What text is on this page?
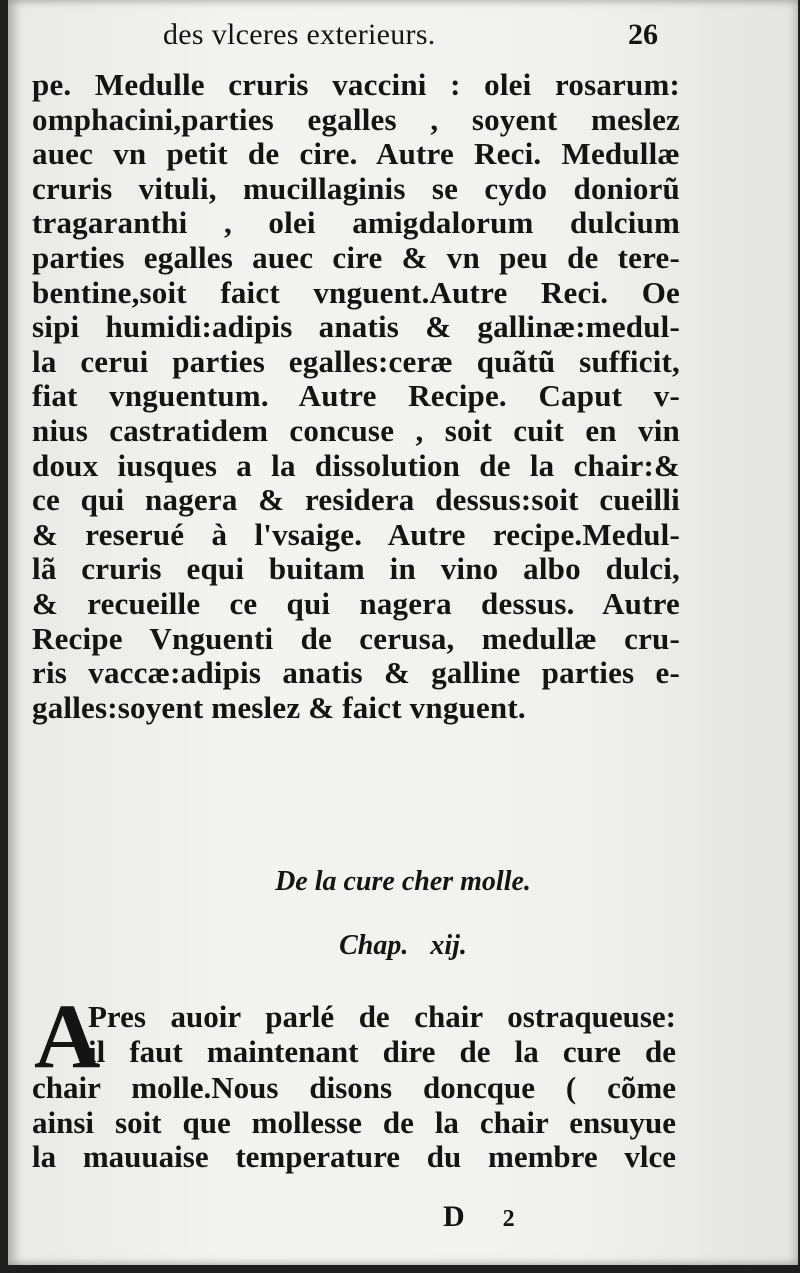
des vlceres exterieurs.	26
pe. Medulle cruris vaccini : olei rosarum:
omphacini,parties egalles , soyent meslez
auec vn petit de cire. Autre Reci. Medullæ
cruris vituli, mucillaginis se cydo doniorũ
tragaranthi , olei amigdalorum dulcium
parties egalles auec cire & vn peu de tere-
bentine,soit faict vnguent.Autre Reci. Oe
sipi humidi:adipis anatis & gallinæ:medul-
la cerui parties egalles:ceræ quãtũ sufficit,
fiat vnguentum. Autre Recipe. Caput v-
nius castratidem concuse , soit cuit en vin
doux iusques a la dissolution de la chair:&
ce qui nagera & residera dessus:soit cueilli
& reserué à l'vsaige. Autre recipe.Medul-
lã cruris equi buitam in vino albo dulci,
& recueille ce qui nagera dessus. Autre
Recipe Vnguenti de cerusa, medullæ cru-
ris vaccæ:adipis anatis & galline parties e-
galles:soyent meslez & faict vnguent.
De la cure cher molle.
Chap. xij.
A
Pres auoir parlé de chair ostraqueuse:
il faut maintenant dire de la cure de
chair molle.Nous disons doncque ( cõme
ainsi soit que mollesse de la chair ensuyue
la mauuaise temperature du membre vlce
D 2
